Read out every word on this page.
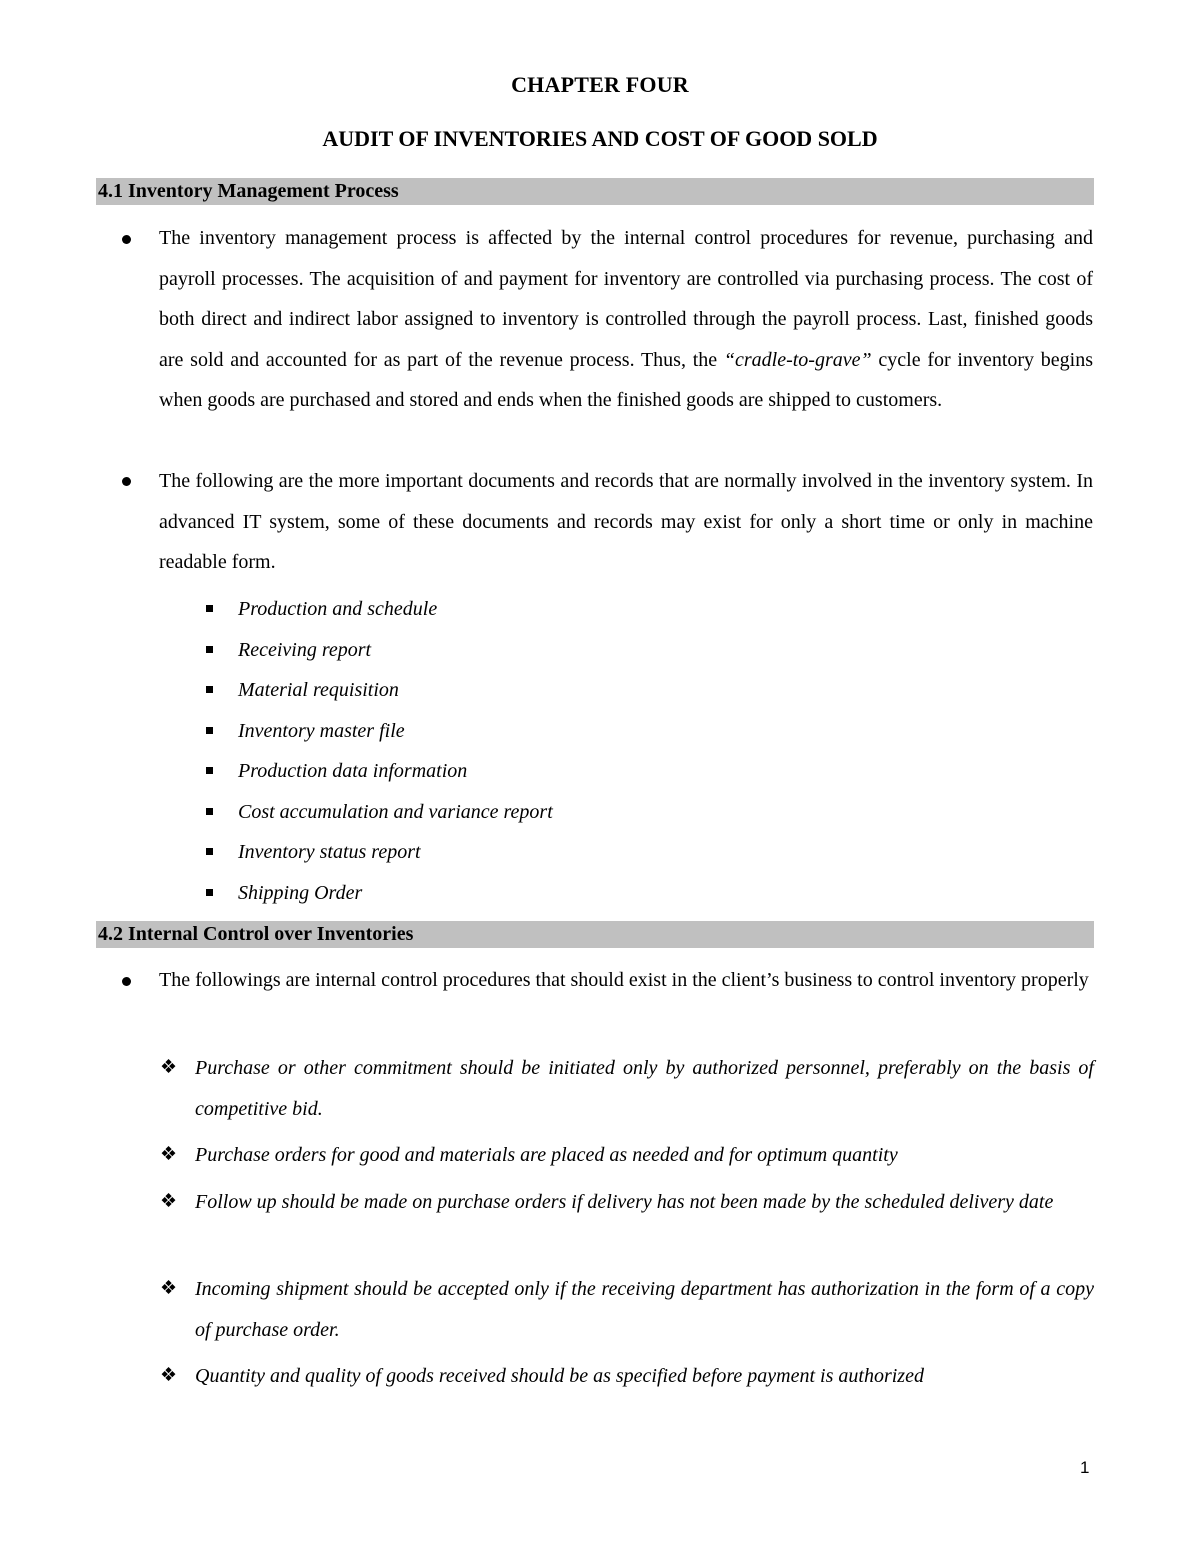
CHAPTER FOUR
AUDIT OF INVENTORIES AND COST OF GOOD SOLD
4.1 Inventory Management Process

The inventory management process is affected by the internal control procedures for revenue, purchasing and payroll processes. The acquisition of and payment for inventory are controlled via purchasing process. The cost of both direct and indirect labor assigned to inventory is controlled through the payroll process. Last, finished goods are sold and accounted for as part of the revenue process. Thus, the “cradle-to-grave” cycle for inventory begins when goods are purchased and stored and ends when the finished goods are shipped to customers.

The following are the more important documents and records that are normally involved in the inventory system. In advanced IT system, some of these documents and records may exist for only a short time or only in machine readable form.

Production and schedule
Receiving report
Material requisition
Inventory master file
Production data information
Cost accumulation and variance report
Inventory status report
Shipping Order
4.2 Internal Control over Inventories

The followings are internal control procedures that should exist in the client’s business to control inventory properly

❖ Purchase or other commitment should be initiated only by authorized personnel, preferably on the basis of competitive bid.
❖ Purchase orders for good and materials are placed as needed and for optimum quantity
❖ Follow up should be made on purchase orders if delivery has not been made by the scheduled delivery date
❖ Incoming shipment should be accepted only if the receiving department has authorization in the form of a copy of purchase order.
❖ Quantity and quality of goods received should be as specified before payment is authorized
1
